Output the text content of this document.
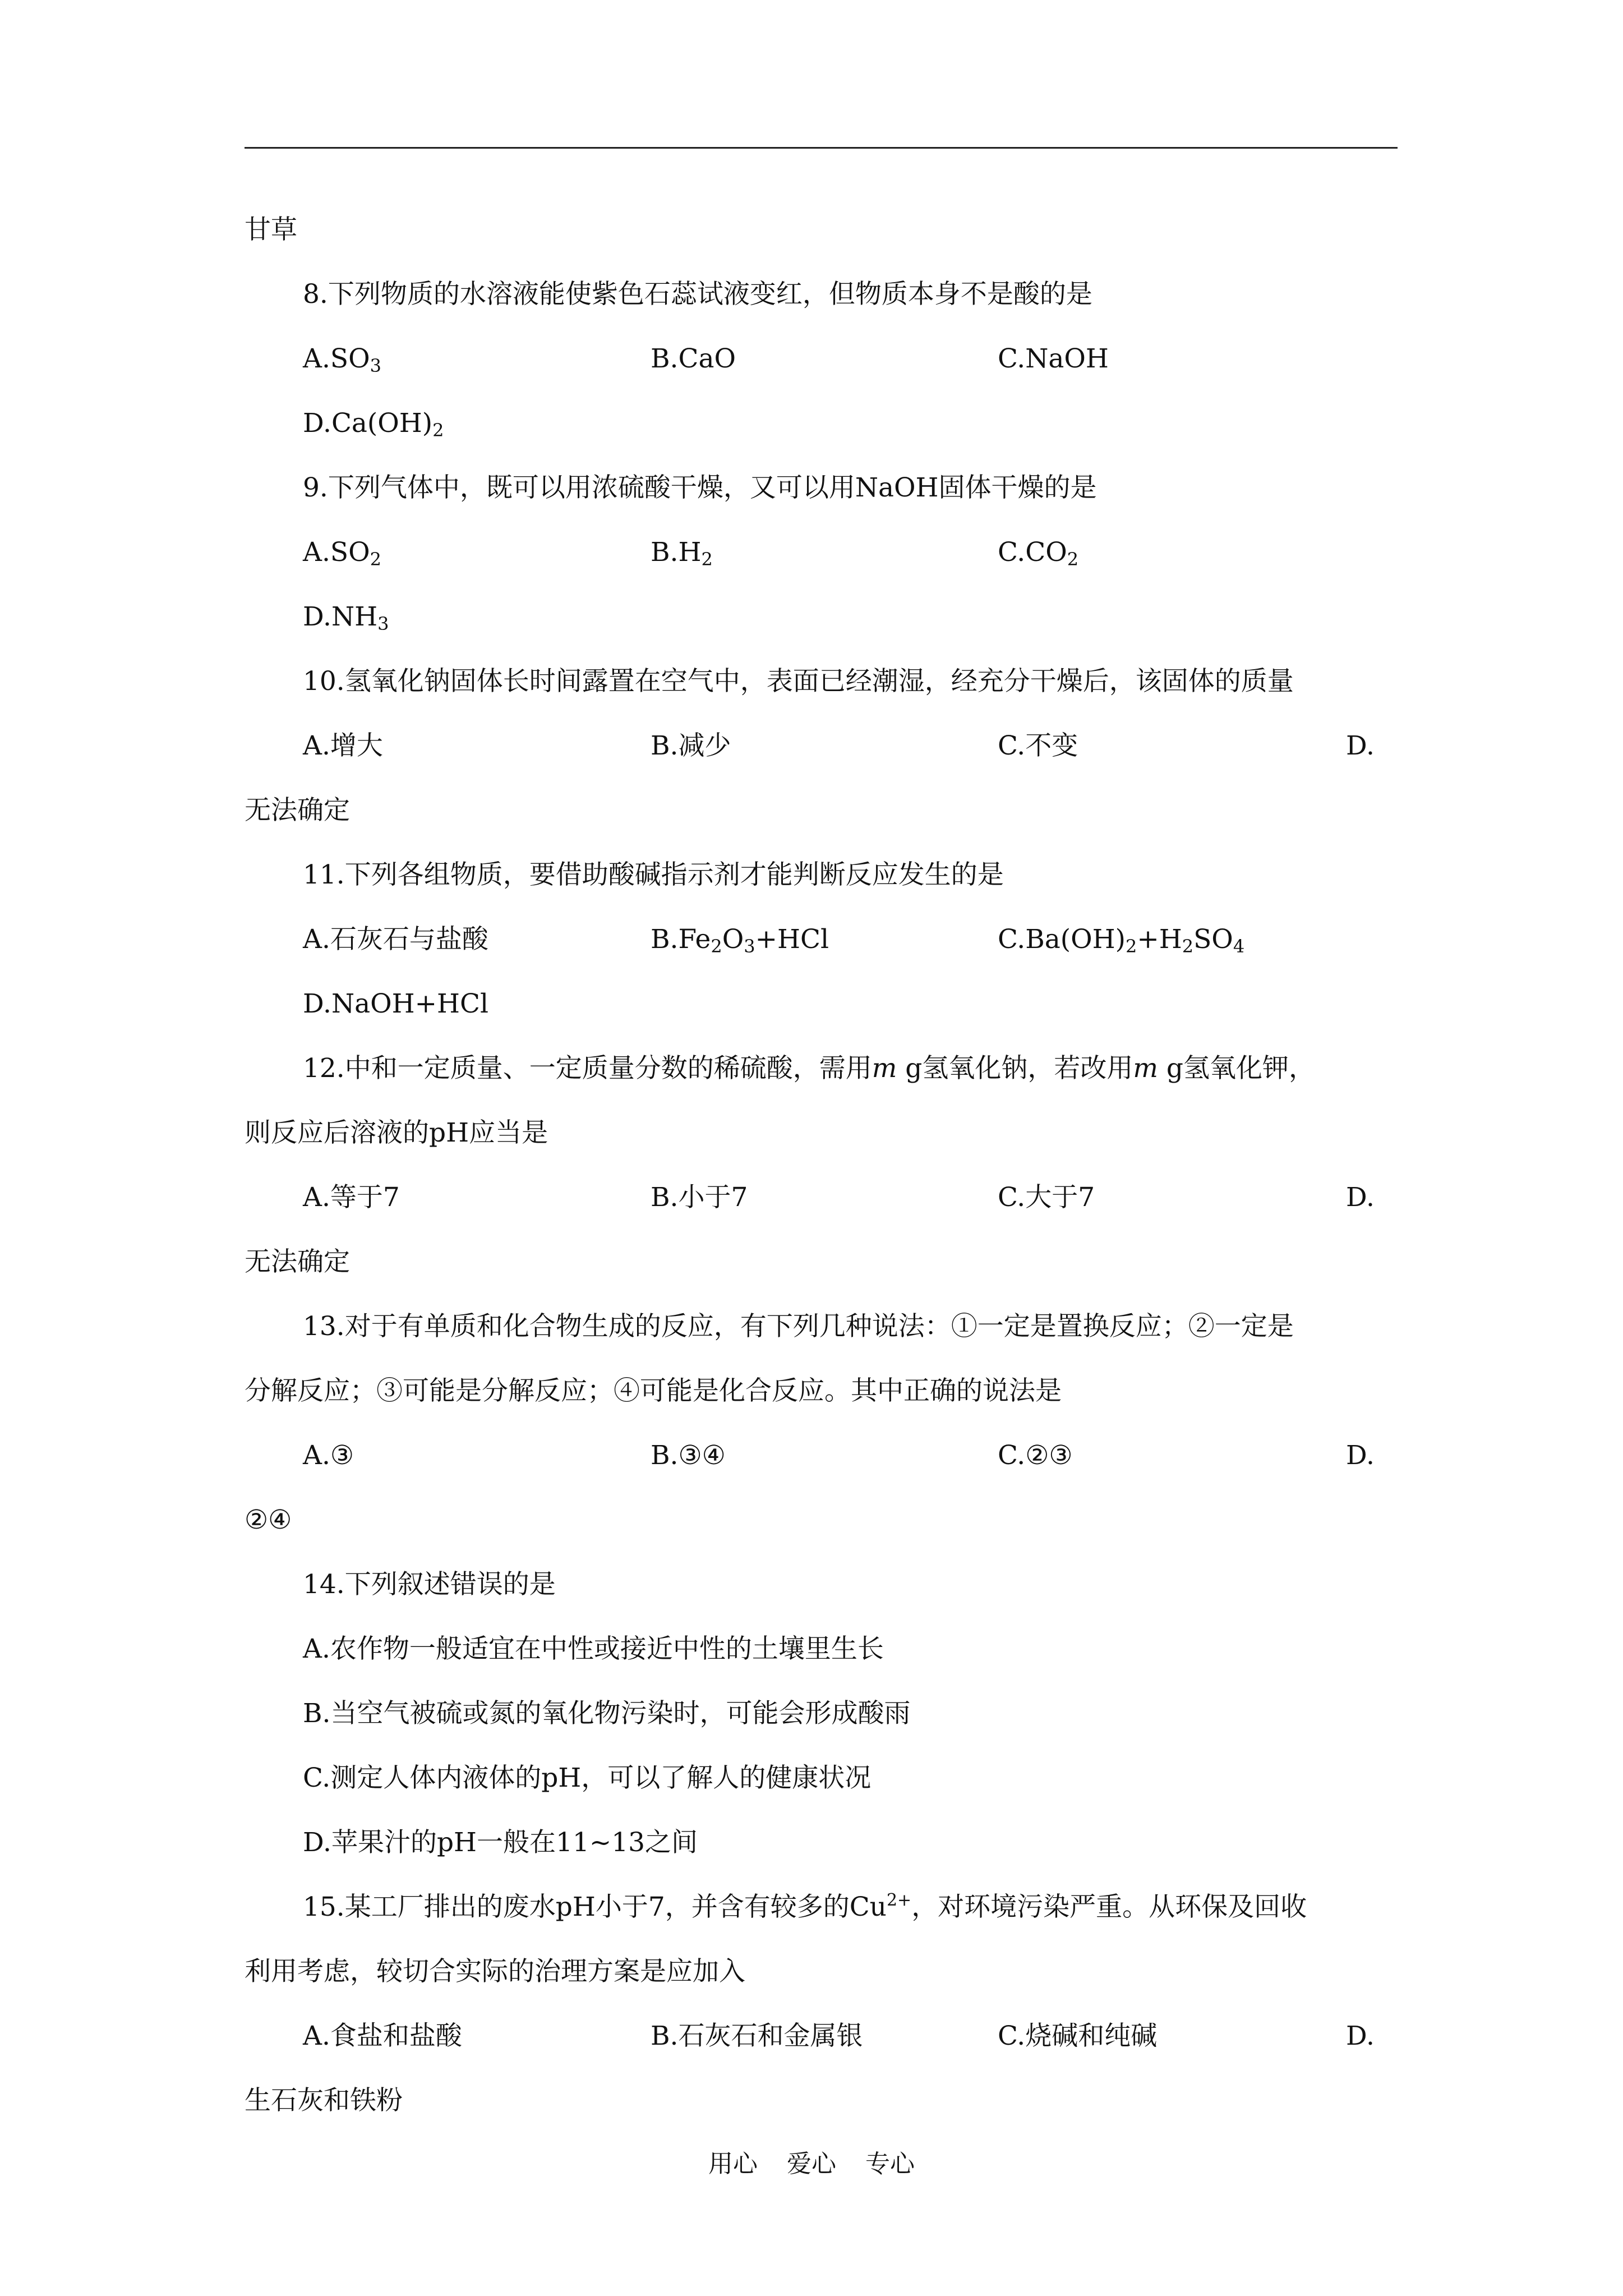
甘草
8.下列物质的水溶液能使紫色石蕊试液变红，但物质本身不是酸的是
$A.SO_3$	B.CaO	C.NaOH
$D.Ca(OH)_2$
9.下列气体中，既可以用浓硫酸干燥，又可以用NaOH固体干燥的是
$A.SO_2$	$B.H_2$	$C.CO_2$
$D.NH_3$
10.氢氧化钠固体长时间露置在空气中，表面已经潮湿，经充分干燥后，该固体的质量
A.增大	B.减少	C.不变	D.
无法确定
11.下列各组物质，要借助酸碱指示剂才能判断反应发生的是
A.石灰石与盐酸	$B.Fe_2O_3+HCl$	$C.Ba(OH)_2+H_2SO_4$
D.NaOH+HCl
12.中和一定质量、一定质量分数的稀硫酸，需用m g氢氧化钠，若改用m g氢氧化钾，
则反应后溶液的pH应当是
A.等于7	B.小于7	C.大于7	D.
无法确定
13.对于有单质和化合物生成的反应，有下列几种说法：①一定是置换反应；②一定是
分解反应；③可能是分解反应；④可能是化合反应。其中正确的说法是
A.③	B.③④	C.②③	D.
②④
14.下列叙述错误的是
A.农作物一般适宜在中性或接近中性的土壤里生长
B.当空气被硫或氮的氧化物污染时，可能会形成酸雨
C.测定人体内液体的pH，可以了解人的健康状况
D.苹果汁的pH一般在11~13之间
15.某工厂排出的废水pH小于7，并含有较多的$Cu^{2+}$，对环境污染严重。从环保及回收
利用考虑，较切合实际的治理方案是应加入
A.食盐和盐酸	B.石灰石和金属银	C.烧碱和纯碱	D.
生石灰和铁粉
用心 爱心 专心
